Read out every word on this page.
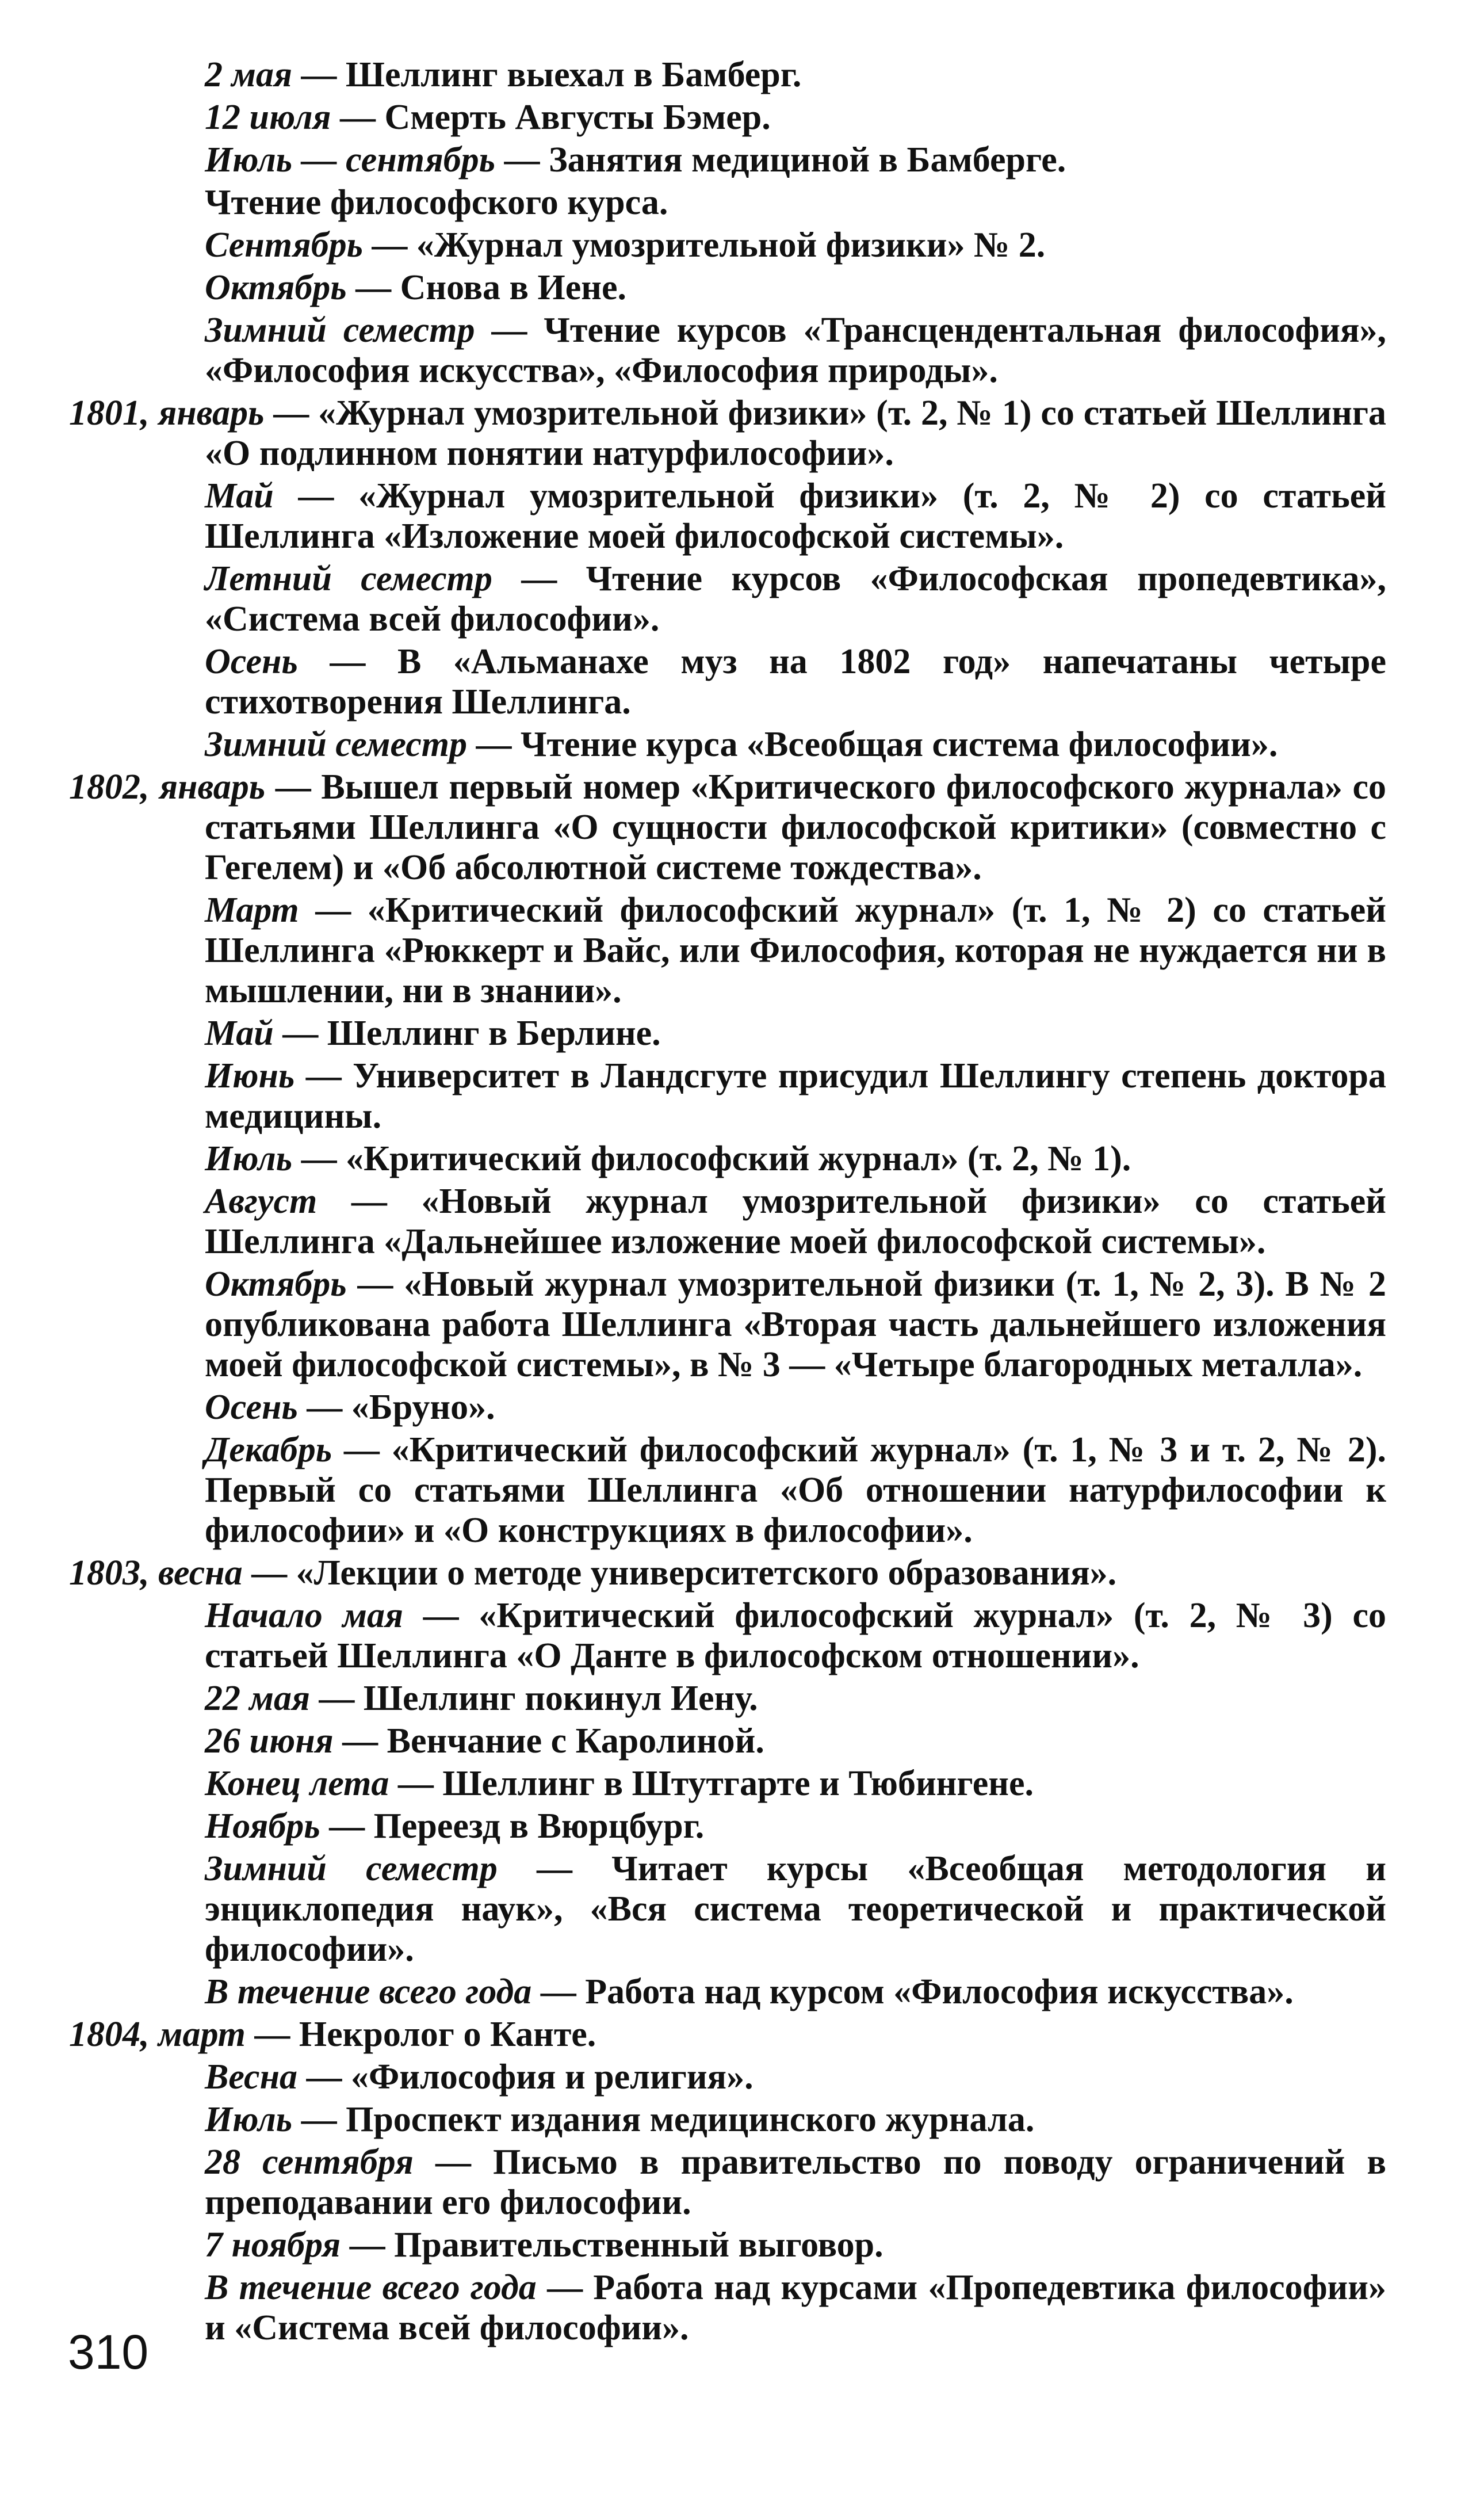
2 мая — Шеллинг выехал в Бамберг.

12 июля — Смерть Августы Бэмер.

Июль — сентябрь — Занятия медициной в Бамберге.

Чтение философского курса.

Сентябрь — «Журнал умозрительной физики» № 2.

Октябрь — Снова в Иене.

Зимний семестр — Чтение курсов «Трансцендентальная философия», «Философия искусства», «Философия природы».

1801, январь — «Журнал умозрительной физики» (т. 2, № 1) со статьей Шеллинга «О подлинном понятии натурфилософии».

Май — «Журнал умозрительной физики» (т. 2, № 2) со статьей Шеллинга «Изложение моей философской системы».

Летний семестр — Чтение курсов «Философская пропедевтика», «Система всей философии».

Осень — В «Альманахе муз на 1802 год» напечатаны четыре стихотворения Шеллинга.

Зимний семестр — Чтение курса «Всеобщая система философии».

1802, январь — Вышел первый номер «Критического философского журнала» со статьями Шеллинга «О сущности философской критики» (совместно с Гегелем) и «Об абсолютной системе тождества».

Март — «Критический философский журнал» (т. 1, № 2) со статьей Шеллинга «Рюккерт и Вайс, или Философия, которая не нуждается ни в мышлении, ни в знании».

Май — Шеллинг в Берлине.

Июнь — Университет в Ландсгуте присудил Шеллингу степень доктора медицины.

Июль — «Критический философский журнал» (т. 2, № 1).

Август — «Новый журнал умозрительной физики» со статьей Шеллинга «Дальнейшее изложение моей философской системы».

Октябрь — «Новый журнал умозрительной физики (т. 1, № 2, 3). В № 2 опубликована работа Шеллинга «Вторая часть дальнейшего изложения моей философской системы», в № 3 — «Четыре благородных металла».

Осень — «Бруно».

Декабрь — «Критический философский журнал» (т. 1, № 3 и т. 2, № 2). Первый со статьями Шеллинга «Об отношении натурфилософии к философии» и «О конструкциях в философии».

1803, весна — «Лекции о методе университетского образования».

Начало мая — «Критический философский журнал» (т. 2, № 3) со статьей Шеллинга «О Данте в философском отношении».

22 мая — Шеллинг покинул Иену.

26 июня — Венчание с Каролиной.

Конец лета — Шеллинг в Штутгарте и Тюбингене.

Ноябрь — Переезд в Вюрцбург.

Зимний семестр — Читает курсы «Всеобщая методология и энциклопедия наук», «Вся система теоретической и практической философии».

В течение всего года — Работа над курсом «Философия искусства».

1804, март — Некролог о Канте.

Весна — «Философия и религия».

Июль — Проспект издания медицинского журнала.

28 сентября — Письмо в правительство по поводу ограничений в преподавании его философии.

7 ноября — Правительственный выговор.

В течение всего года — Работа над курсами «Пропедевтика философии» и «Система всей философии».

310
